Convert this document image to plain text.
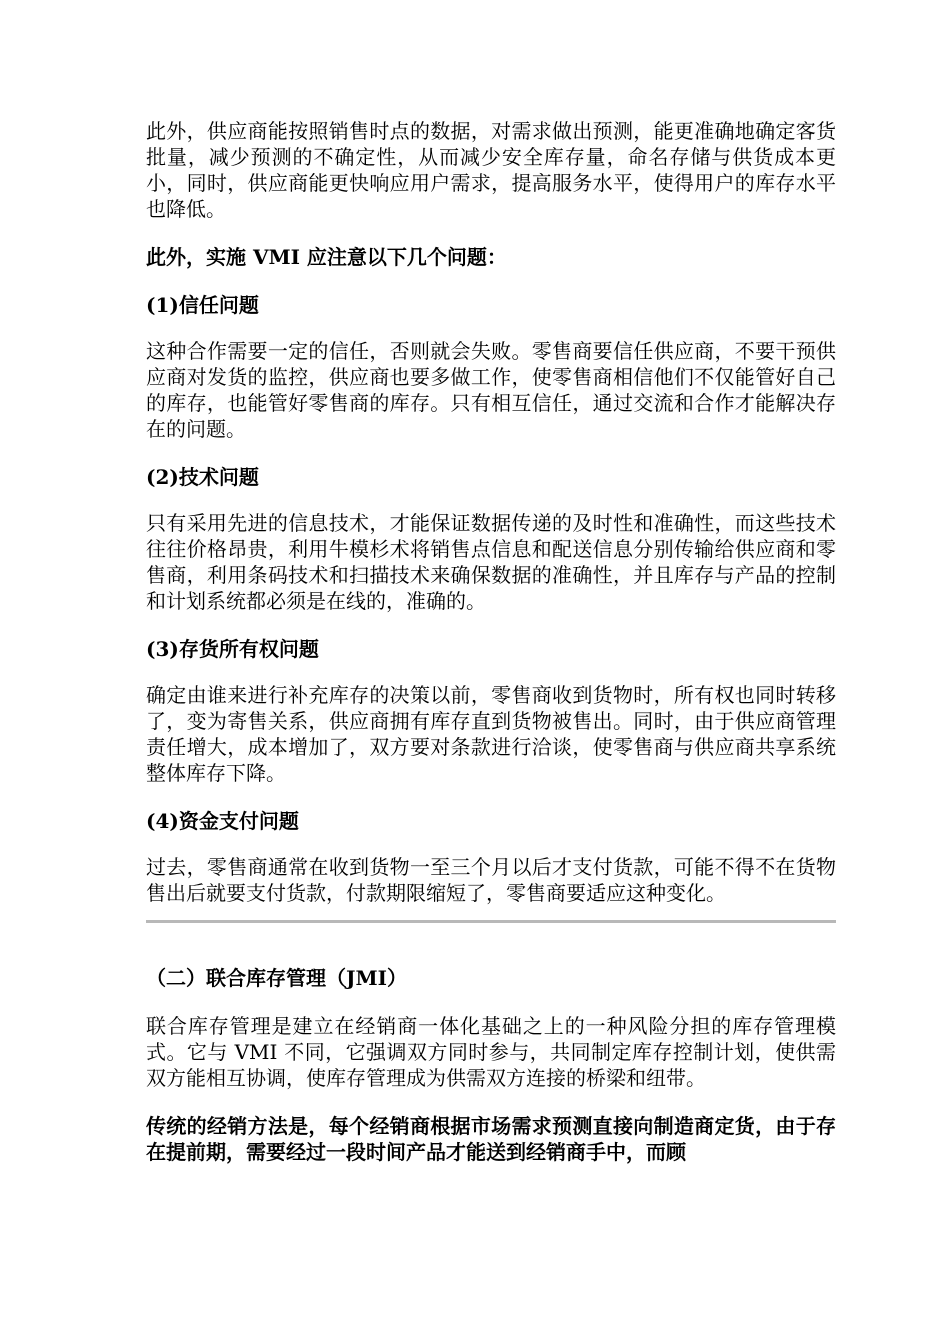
此外，供应商能按照销售时点的数据，对需求做出预测，能更准确地确定客货批量，减少预测的不确定性，从而减少安全库存量，命名存储与供货成本更小，同时，供应商能更快响应用户需求，提高服务水平，使得用户的库存水平也降低。

此外，实施 VMI 应注意以下几个问题：

(1)信任问题

这种合作需要一定的信任，否则就会失败。零售商要信任供应商，不要干预供应商对发货的监控，供应商也要多做工作，使零售商相信他们不仅能管好自己的库存，也能管好零售商的库存。只有相互信任，通过交流和合作才能解决存在的问题。

(2)技术问题

只有采用先进的信息技术，才能保证数据传递的及时性和准确性，而这些技术往往价格昂贵，利用牛模杉术将销售点信息和配送信息分别传输给供应商和零售商，利用条码技术和扫描技术来确保数据的准确性，并且库存与产品的控制和计划系统都必须是在线的，准确的。

(3)存货所有权问题

确定由谁来进行补充库存的决策以前，零售商收到货物时，所有权也同时转移了，变为寄售关系，供应商拥有库存直到货物被售出。同时，由于供应商管理责任增大，成本增加了，双方要对条款进行洽谈，使零售商与供应商共享系统整体库存下降。

(4)资金支付问题

过去，零售商通常在收到货物一至三个月以后才支付货款，可能不得不在货物售出后就要支付货款，付款期限缩短了，零售商要适应这种变化。

（二）联合库存管理（JMI）

联合库存管理是建立在经销商一体化基础之上的一种风险分担的库存管理模式。它与 VMI 不同，它强调双方同时参与，共同制定库存控制计划，使供需双方能相互协调，使库存管理成为供需双方连接的桥梁和纽带。

传统的经销方法是，每个经销商根据市场需求预测直接向制造商定货，由于存在提前期，需要经过一段时间产品才能送到经销商手中，而顾
